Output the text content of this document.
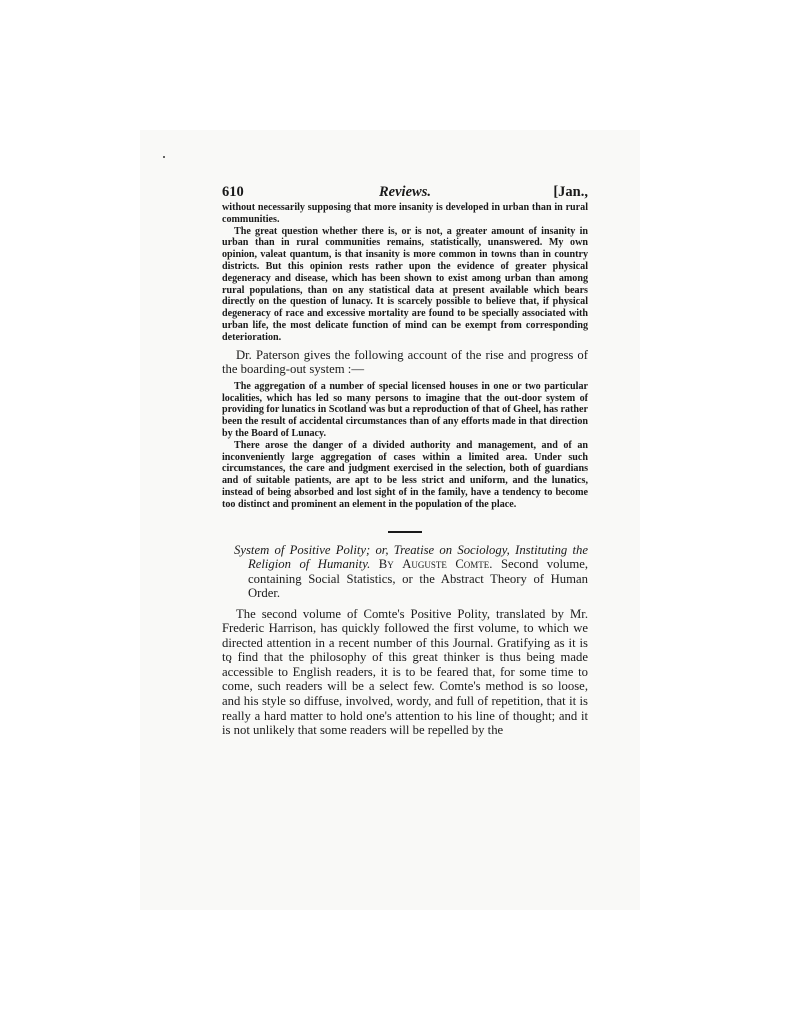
610	Reviews.	[Jan.,

without necessarily supposing that more insanity is developed in urban than in rural communities.

The great question whether there is, or is not, a greater amount of insanity in urban than in rural communities remains, statistically, unanswered. My own opinion, valeat quantum, is that insanity is more common in towns than in country districts. But this opinion rests rather upon the evidence of greater physical degeneracy and disease, which has been shown to exist among urban than among rural populations, than on any statistical data at present available which bears directly on the question of lunacy. It is scarcely possible to believe that, if physical degeneracy of race and excessive mortality are found to be specially associated with urban life, the most delicate function of mind can be exempt from corresponding deterioration.

Dr. Paterson gives the following account of the rise and progress of the boarding-out system :—

The aggregation of a number of special licensed houses in one or two particular localities, which has led so many persons to imagine that the out-door system of providing for lunatics in Scotland was but a reproduction of that of Gheel, has rather been the result of accidental circumstances than of any efforts made in that direction by the Board of Lunacy.

There arose the danger of a divided authority and management, and of an inconveniently large aggregation of cases within a limited area. Under such circumstances, the care and judgment exercised in the selection, both of guardians and of suitable patients, are apt to be less strict and uniform, and the lunatics, instead of being absorbed and lost sight of in the family, have a tendency to become too distinct and prominent an element in the population of the place.

System of Positive Polity; or, Treatise on Sociology, Instituting the Religion of Humanity. By Auguste Comte. Second volume, containing Social Statistics, or the Abstract Theory of Human Order.

The second volume of Comte's Positive Polity, translated by Mr. Frederic Harrison, has quickly followed the first volume, to which we directed attention in a recent number of this Journal. Gratifying as it is to find that the philosophy of this great thinker is thus being made accessible to English readers, it is to be feared that, for some time to come, such readers will be a select few. Comte's method is so loose, and his style so diffuse, involved, wordy, and full of repetition, that it is really a hard matter to hold one's attention to his line of thought; and it is not unlikely that some readers will be repelled by the
